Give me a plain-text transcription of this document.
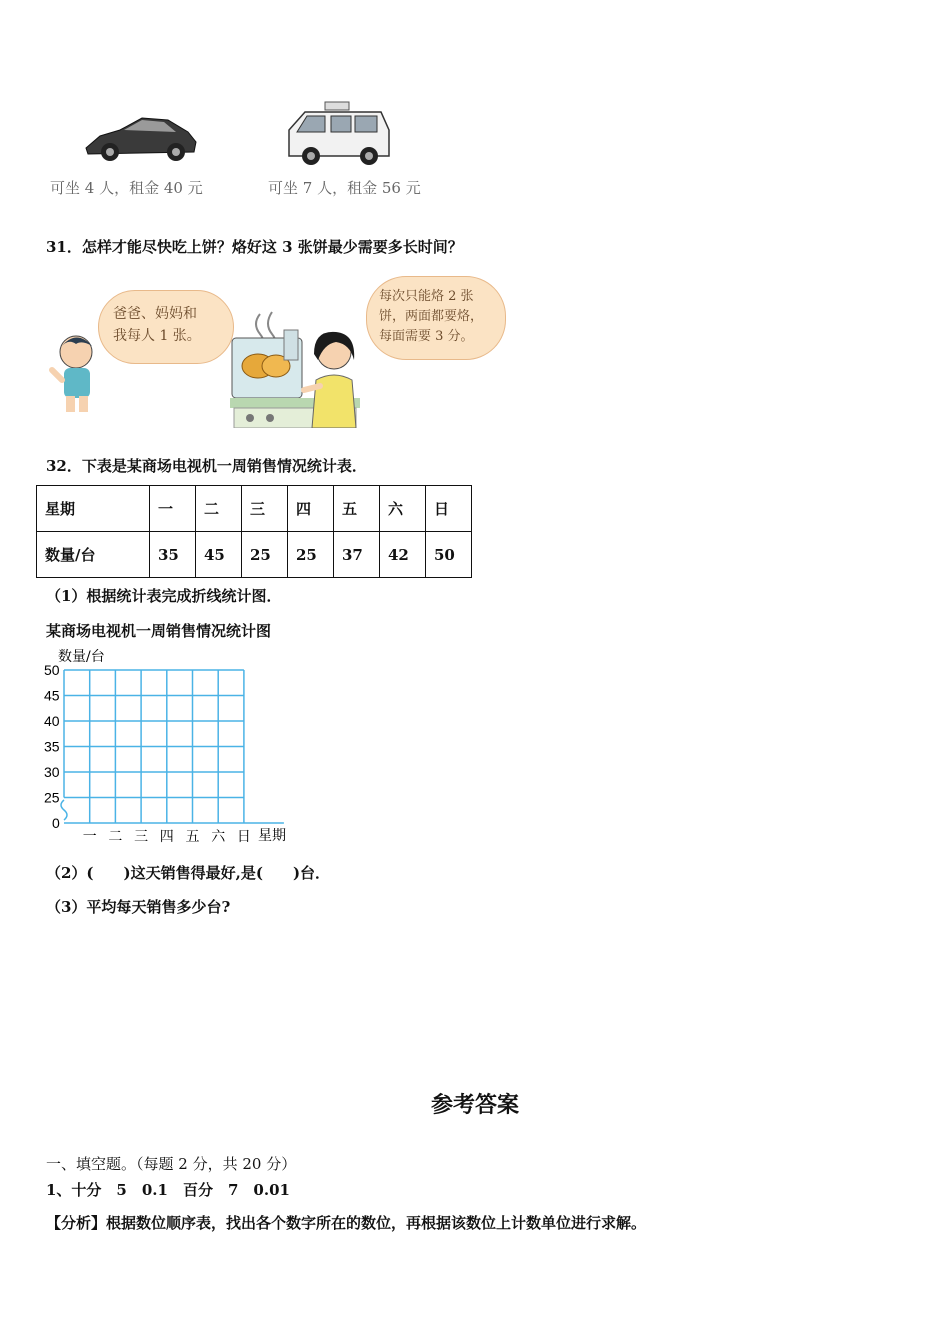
可坐 4 人，租金 40 元	可坐 7 人，租金 56 元
31．怎样才能尽快吃上饼？烙好这 3 张饼最少需要多长时间？
爸爸、妈妈和
我每人 1 张。
每次只能烙 2 张
饼，两面都要烙，
每面需要 3 分。
32．下表是某商场电视机一周销售情况统计表．
星期	一	二	三	四	五	六	日
数量/台	35	45	25	25	37	42	50
（1）根据统计表完成折线统计图．
某商场电视机一周销售情况统计图
数量/台
50
45
40
35
30
25
0
一 二 三 四 五 六 日 星期
（2）(　　)这天销售得最好,是(　　)台．
（3）平均每天销售多少台?
参考答案
一、填空题。（每题 2 分，共 20 分）
1、十分　5　0.1　百分　7　0.01
【分析】根据数位顺序表，找出各个数字所在的数位，再根据该数位上计数单位进行求解。
